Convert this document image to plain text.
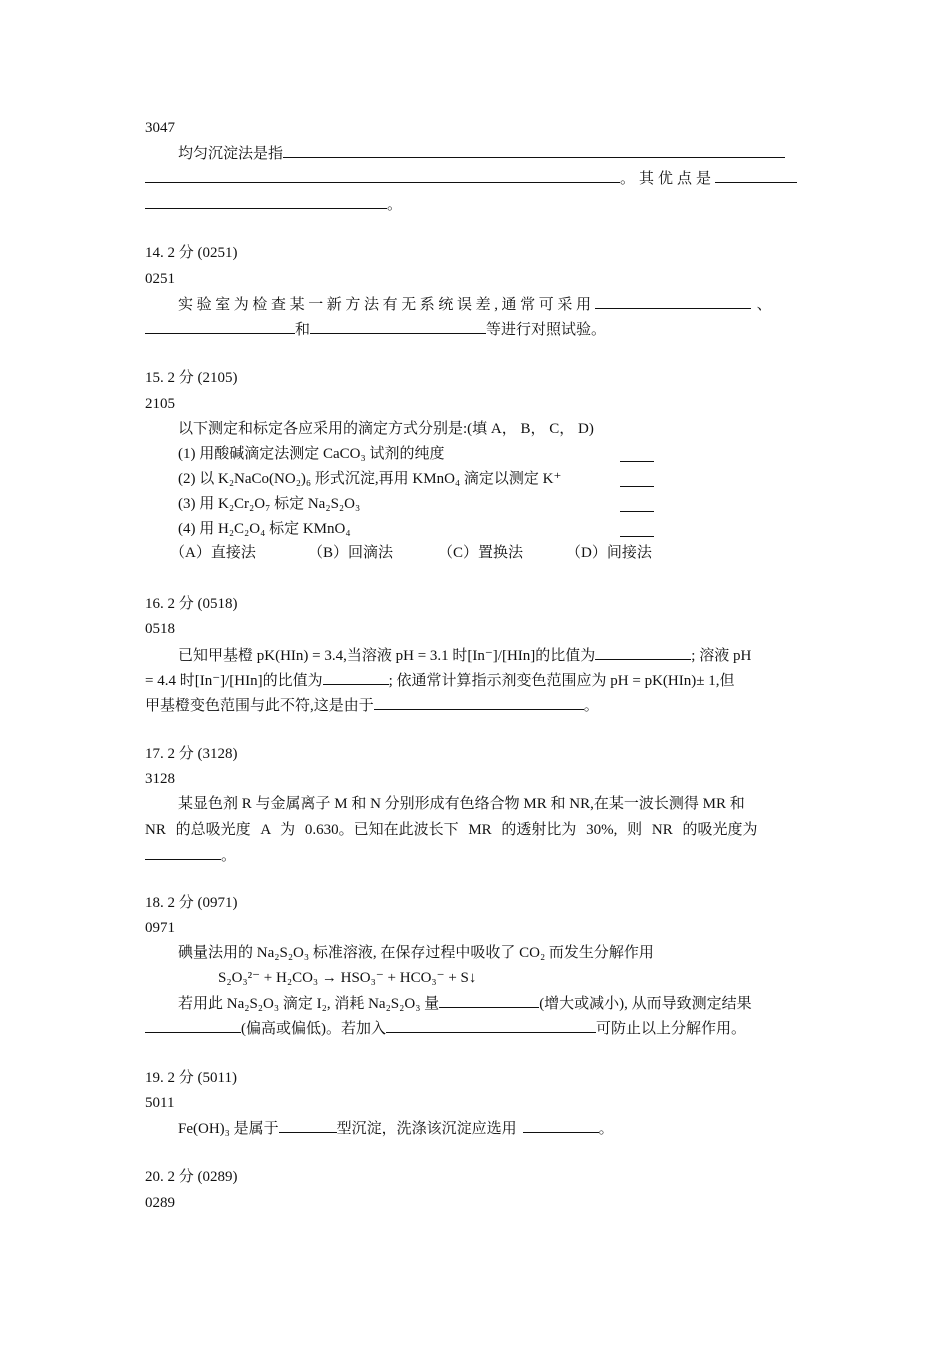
3047
均匀沉淀法是指
。其优点是
。
14. 2 分 (0251)
0251
实验室为检查某一新方法有无系统误差,通常可采用	、
和	等进行对照试验。
15. 2 分 (2105)
2105
以下测定和标定各应采用的滴定方式分别是:(填 A， B， C， D)
(1) 用酸碱滴定法测定 CaCO₃ 试剂的纯度
(2) 以 K₂NaCo(NO₂)₆ 形式沉淀,再用 KMnO₄ 滴定以测定 K⁺
(3) 用 K₂Cr₂O₇ 标定 Na₂S₂O₃
(4) 用 H₂C₂O₄ 标定 KMnO₄
（A）直接法	（B）回滴法	（C）置换法	（D）间接法
16. 2 分 (0518)
0518
已知甲基橙 pK(HIn) = 3.4,当溶液 pH = 3.1 时[In⁻]/[HIn]的比值为	; 溶液 pH
= 4.4 时[In⁻]/[HIn]的比值为	; 依通常计算指示剂变色范围应为 pH = pK(HIn)± 1,但
甲基橙变色范围与此不符,这是由于	。
17. 2 分 (3128)
3128
某显色剂 R 与金属离子 M 和 N 分别形成有色络合物 MR 和 NR,在某一波长测得 MR 和
NR 的总吸光度 A 为 0.630。已知在此波长下 MR 的透射比为 30%, 则 NR 的吸光度为
。
18. 2 分 (0971)
0971
碘量法用的 Na₂S₂O₃ 标准溶液, 在保存过程中吸收了 CO₂ 而发生分解作用
S₂O₃²⁻ + H₂CO₃ → HSO₃⁻ + HCO₃⁻ + S↓
若用此 Na₂S₂O₃ 滴定 I₂, 消耗 Na₂S₂O₃ 量	(增大或减小), 从而导致测定结果
(偏高或偏低)。若加入	可防止以上分解作用。
19. 2 分 (5011)
5011
Fe(OH)₃ 是属于	型沉淀，洗涤该沉淀应选用	。
20. 2 分 (0289)
0289
